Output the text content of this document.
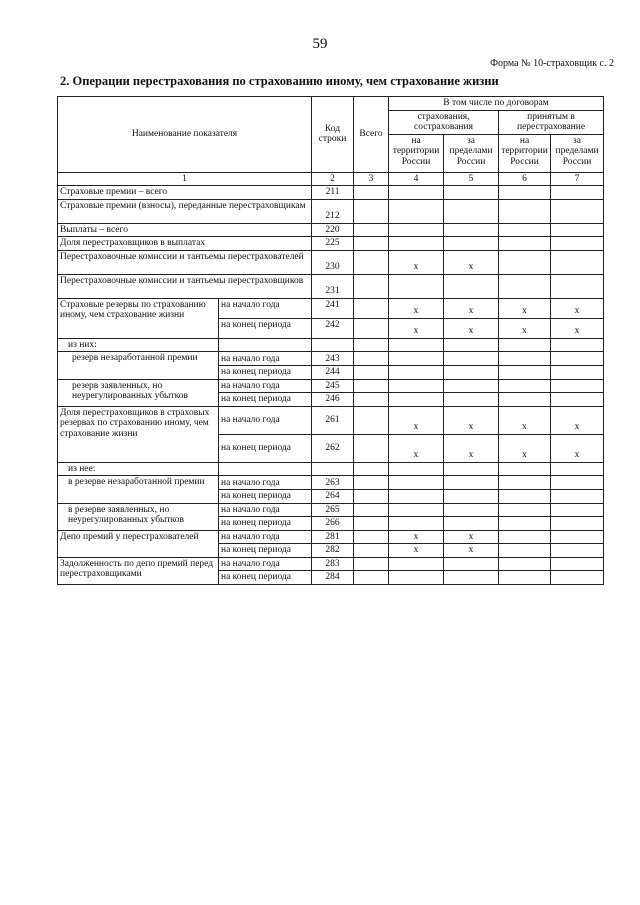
59
Форма № 10-страховщик с. 2
2. Операции перестрахования по страхованию иному, чем страхование жизни
Наименование показателя		Код строки	Всего	В том числе по договорам			
				страхования, сострахования		принятым в перестрахование	
				на территории России	за пределами России	на территории России	за пределами России

1		2	3	4	5	6	7
Страховые премии – всего		211					
Страховые премии (взносы), переданные перестраховщикам		212					
Выплаты – всего		220					
Доля перестраховщиков в выплатах		225					
Перестраховочные комиссии и тантьемы перестрахователей		230		x	x		
Перестраховочные комиссии и тантьемы перестраховщиков		231					
Страховые резервы по страхованию иному, чем страхование жизни	на начало года	241		x	x	x	x
	на конец периода	242		x	x	x	x
из них:							
резерв незаработанной премии	на начало года	243					
	на конец периода	244					
резерв заявленных, но неурегулированных убытков	на начало года	245					
	на конец периода	246					
Доля перестраховщиков в страховых резервах по страхованию иному, чем страхование жизни	на начало года	261		x	x	x	x
	на конец периода	262		x	x	x	x
из нее:							
в резерве незаработанной премии	на начало года	263					
	на конец периода	264					
в резерве заявленных, но неурегулированных убытков	на начало года	265					
	на конец периода	266					
Депо премий у перестрахователей	на начало года	281		x	x		
	на конец периода	282		x	x		
Задолженность по депо премий перед перестраховщиками	на начало года	283					
	на конец периода	284					
